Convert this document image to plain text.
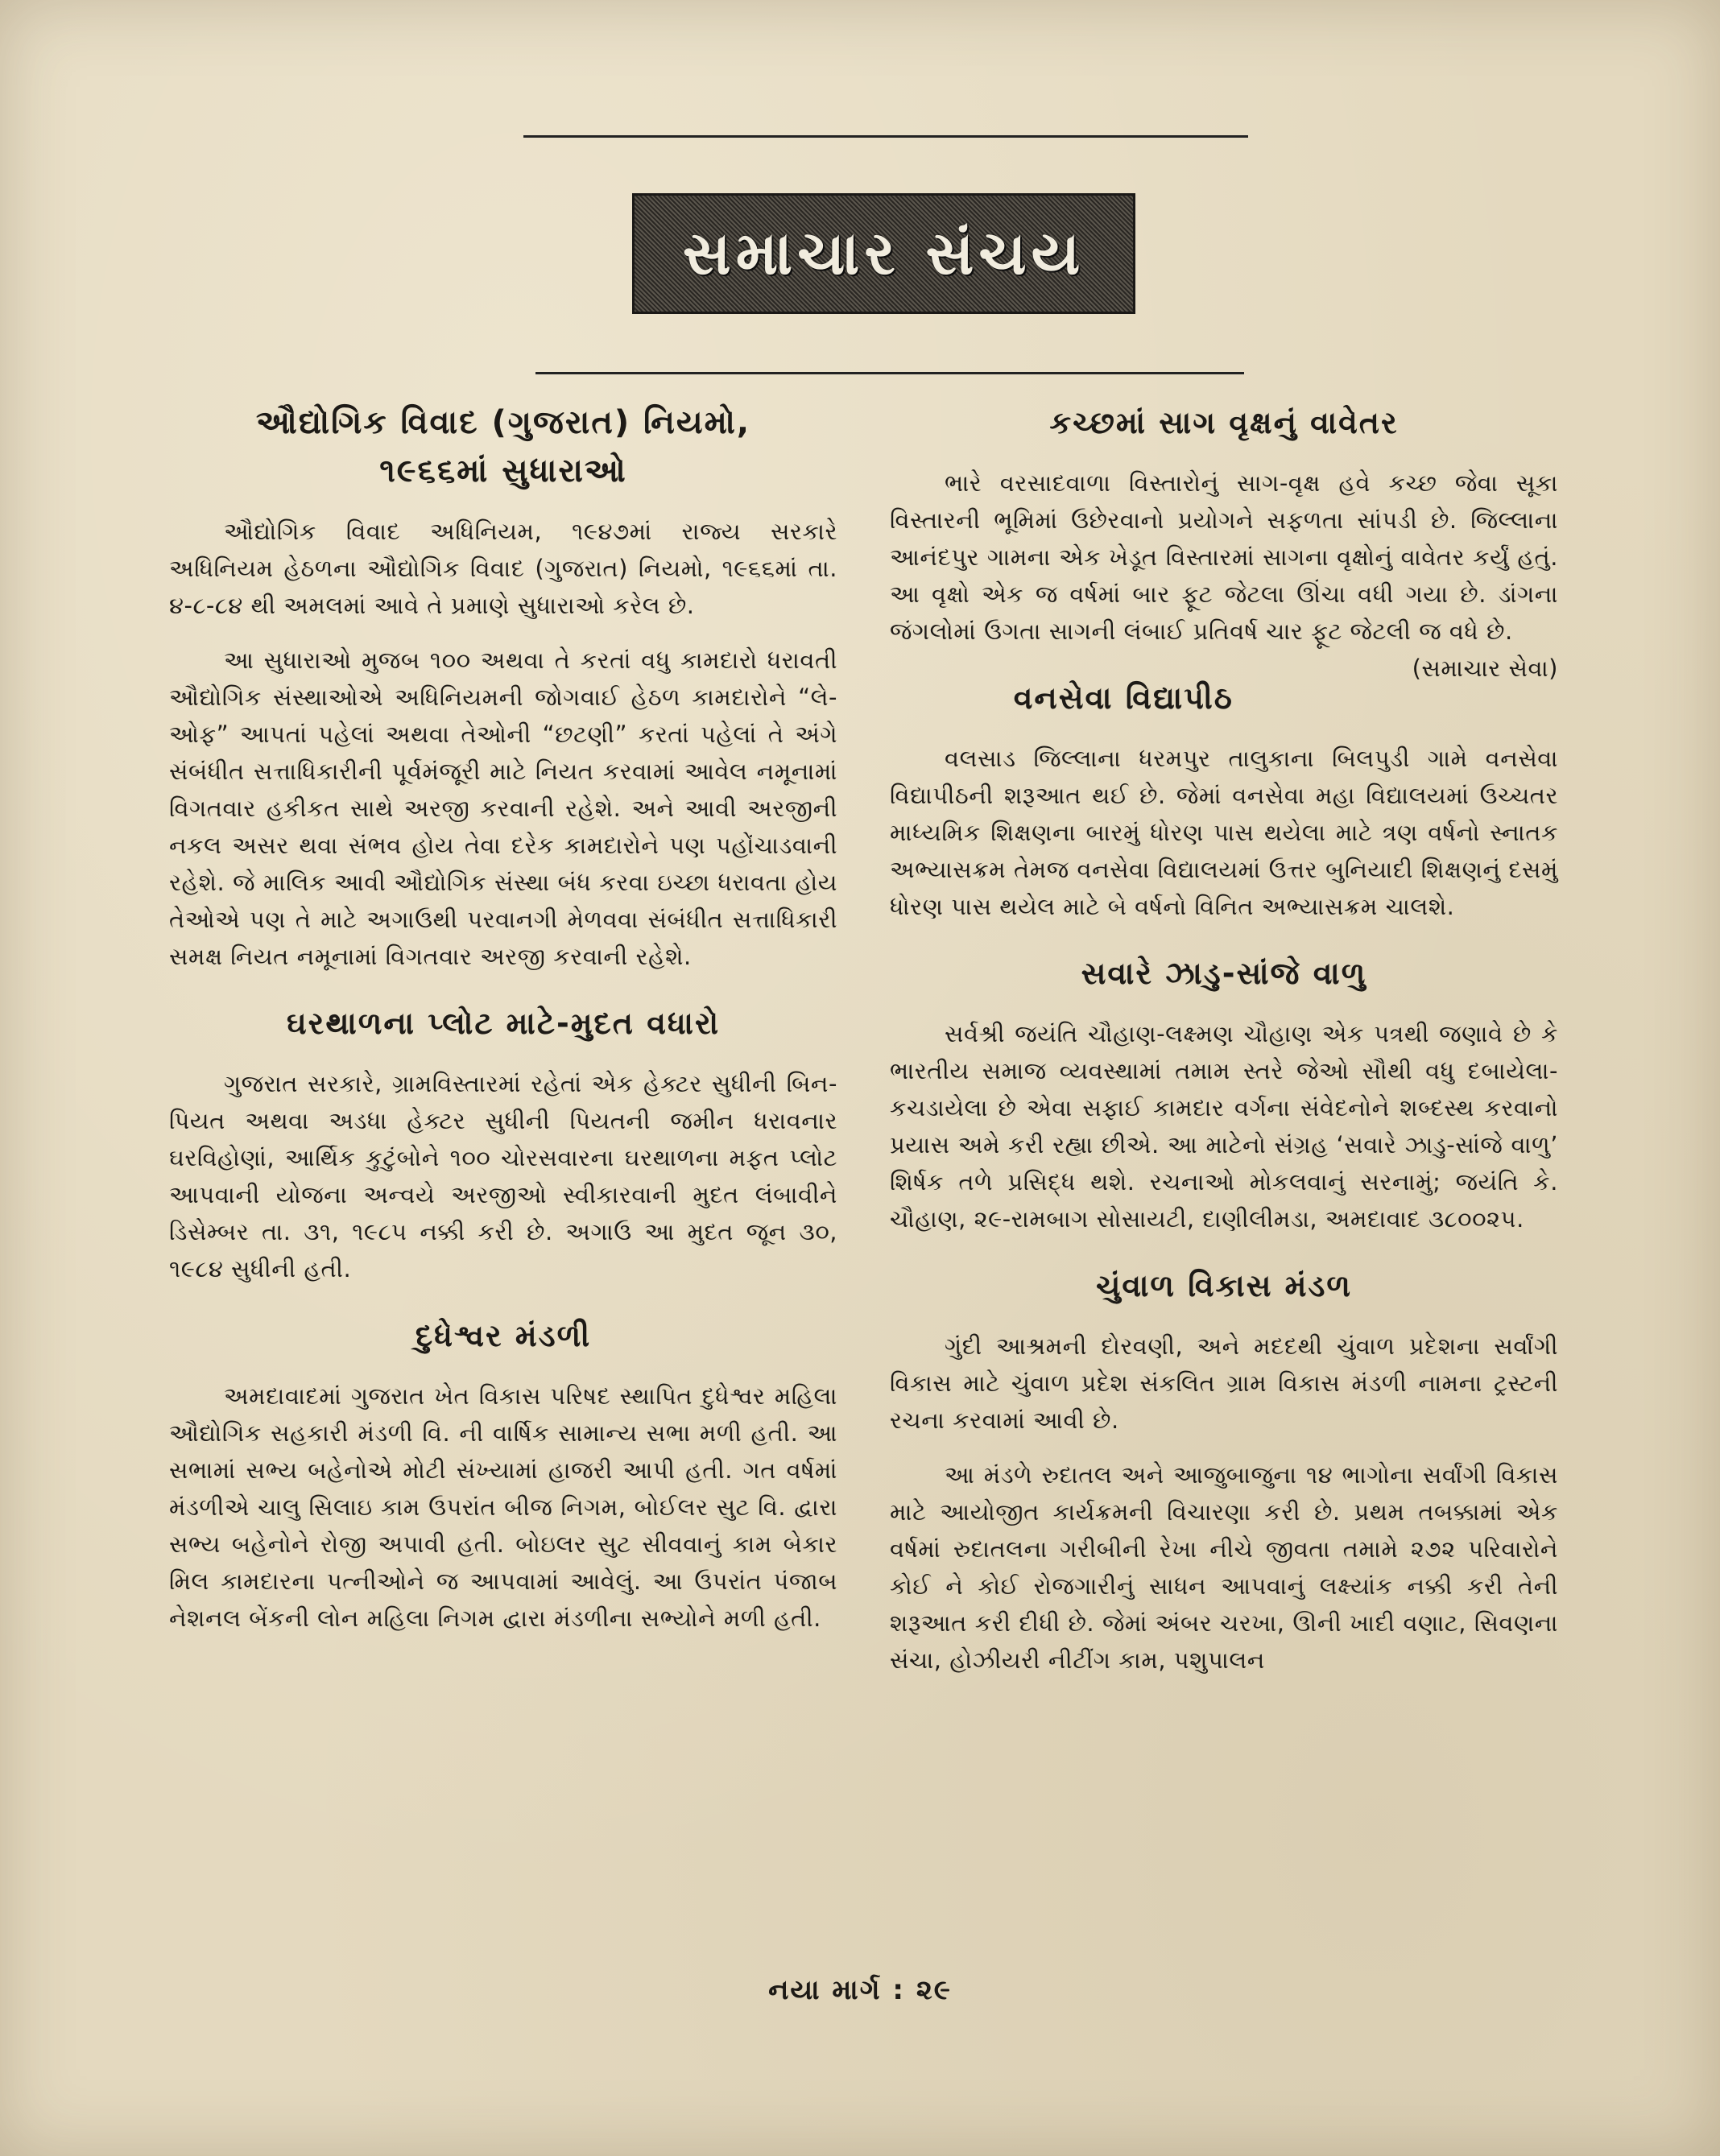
સમાચાર સંચય
ઔદ્યોગિક વિવાદ (ગુજરાત) નિયમો,
૧૯૬૬માં સુધારાઓ

ઔદ્યોગિક વિવાદ અધિનિયમ, ૧૯૪૭માં રાજ્ય સરકારે અધિનિયમ હેઠળના ઔદ્યોગિક વિવાદ (ગુજરાત) નિયમો, ૧૯૬૬માં તા. ૪-૮-૮૪ થી અમલમાં આવે તે પ્રમાણે સુધારાઓ કરેલ છે.

આ સુધારાઓ મુજબ ૧૦૦ અથવા તે કરતાં વધુ કામદારો ધરાવતી ઔદ્યોગિક સંસ્થાઓએ અધિનિયમની જોગવાઈ હેઠળ કામદારોને “લે-ઓફ” આપતાં પહેલાં અથવા તેઓની “છટણી” કરતાં પહેલાં તે અંગે સંબંધીત સત્તાધિકારીની પૂર્વમંજૂરી માટે નિયત કરવામાં આવેલ નમૂનામાં વિગતવાર હકીકત સાથે અરજી કરવાની રહેશે. અને આવી અરજીની નકલ અસર થવા સંભવ હોય તેવા દરેક કામદારોને પણ પહોંચાડવાની રહેશે. જે માલિક આવી ઔદ્યોગિક સંસ્થા બંધ કરવા ઇચ્છા ધરાવતા હોય તેઓએ પણ તે માટે અગાઉથી પરવાનગી મેળવવા સંબંધીત સત્તાધિકારી સમક્ષ નિયત નમૂનામાં વિગતવાર અરજી કરવાની રહેશે.

ઘરથાળના પ્લોટ માટે-મુદત વધારો

ગુજરાત સરકારે, ગ્રામવિસ્તારમાં રહેતાં એક હેક્ટર સુધીની બિન-પિયત અથવા અડધા હેક્ટર સુધીની પિયતની જમીન ધરાવનાર ઘરવિહોણાં, આર્થિક કુટુંબોને ૧૦૦ ચોરસવારના ઘરથાળના મફત પ્લોટ આપવાની યોજના અન્વયે અરજીઓ સ્વીકારવાની મુદત લંબાવીને ડિસેમ્બર તા. ૩૧, ૧૯૮૫ નક્કી કરી છે. અગાઉ આ મુદત જૂન ૩૦, ૧૯૮૪ સુધીની હતી.

દુધેશ્વર મંડળી

અમદાવાદમાં ગુજરાત ખેત વિકાસ પરિષદ સ્થાપિત દુધેશ્વર મહિલા ઔદ્યોગિક સહકારી મંડળી વિ. ની વાર્ષિક સામાન્ય સભા મળી હતી. આ સભામાં સભ્ય બહેનોએ મોટી સંખ્યામાં હાજરી આપી હતી. ગત વર્ષમાં મંડળીએ ચાલુ સિલાઇ કામ ઉપરાંત બીજ નિગમ, બોઈલર સુટ વિ. દ્વારા સભ્ય બહેનોને રોજી અપાવી હતી. બોઇલર સુટ સીવવાનું કામ બેકાર મિલ કામદારના પત્નીઓને જ આપવામાં આવેલું. આ ઉપરાંત પંજાબ નેશનલ બેંકની લોન મહિલા નિગમ દ્વારા મંડળીના સભ્યોને મળી હતી.

કચ્છમાં સાગ વૃક્ષનું વાવેતર

ભારે વરસાદવાળા વિસ્તારોનું સાગ-વૃક્ષ હવે કચ્છ જેવા સૂકા વિસ્તારની ભૂમિમાં ઉછેરવાનો પ્રયોગને સફળતા સાંપડી છે. જિલ્લાના આનંદપુર ગામના એક ખેડૂત વિસ્તારમાં સાગના વૃક્ષોનું વાવેતર કર્યું હતું. આ વૃક્ષો એક જ વર્ષમાં બાર ફૂટ જેટલા ઊંચા વધી ગયા છે. ડાંગના જંગલોમાં ઉગતા સાગની લંબાઈ પ્રતિવર્ષ ચાર ફૂટ જેટલી જ વધે છે.
(સમાચાર સેવા)

વનસેવા વિદ્યાપીઠ

વલસાડ જિલ્લાના ધરમપુર તાલુકાના બિલપુડી ગામે વનસેવા વિદ્યાપીઠની શરૂઆત થઈ છે. જેમાં વનસેવા મહા વિદ્યાલયમાં ઉચ્ચતર માધ્યમિક શિક્ષણના બારમું ધોરણ પાસ થયેલા માટે ત્રણ વર્ષનો સ્નાતક અભ્યાસક્રમ તેમજ વનસેવા વિદ્યાલયમાં ઉત્તર બુનિયાદી શિક્ષણનું દસમું ધોરણ પાસ થયેલ માટે બે વર્ષનો વિનિત અભ્યાસક્રમ ચાલશે.

સવારે ઝાડુ-સાંજે વાળુ

સર્વશ્રી જયંતિ ચૌહાણ-લક્ષ્મણ ચૌહાણ એક પત્રથી જણાવે છે કે ભારતીય સમાજ વ્યવસ્થામાં તમામ સ્તરે જેઓ સૌથી વધુ દબાયેલા-કચડાયેલા છે એવા સફાઈ કામદાર વર્ગના સંવેદનોને શબ્દસ્થ કરવાનો પ્રયાસ અમે કરી રહ્યા છીએ. આ માટેનો સંગ્રહ ‘સવારે ઝાડુ-સાંજે વાળુ’ શિર્ષક તળે પ્રસિદ્ધ થશે. રચનાઓ મોકલવાનું સરનામું; જયંતિ કે. ચૌહાણ, ૨૯-રામબાગ સોસાયટી, દાણીલીમડા, અમદાવાદ ૩૮૦૦૨૫.

ચુંવાળ વિકાસ મંડળ

ગુંદી આશ્રમની દોરવણી, અને મદદથી ચુંવાળ પ્રદેશના સર્વાંગી વિકાસ માટે ચુંવાળ પ્રદેશ સંકલિત ગ્રામ વિકાસ મંડળી નામના ટ્રસ્ટની રચના કરવામાં આવી છે.

આ મંડળે રુદાતલ અને આજુબાજુના ૧૪ ભાગોના સર્વાંગી વિકાસ માટે આયોજીત કાર્યક્રમની વિચારણા કરી છે. પ્રથમ તબક્કામાં એક વર્ષમાં રુદાતલના ગરીબીની રેખા નીચે જીવતા તમામે ૨૭૨ પરિવારોને કોઈ ને કોઈ રોજગારીનું સાધન આપવાનું લક્ષ્યાંક નક્કી કરી તેની શરૂઆત કરી દીધી છે. જેમાં અંબર ચરખા, ઊની ખાદી વણાટ, સિવણના સંચા, હોઝીયરી નીટીંગ કામ, પશુપાલન

નયા માર્ગ : ૨૯
